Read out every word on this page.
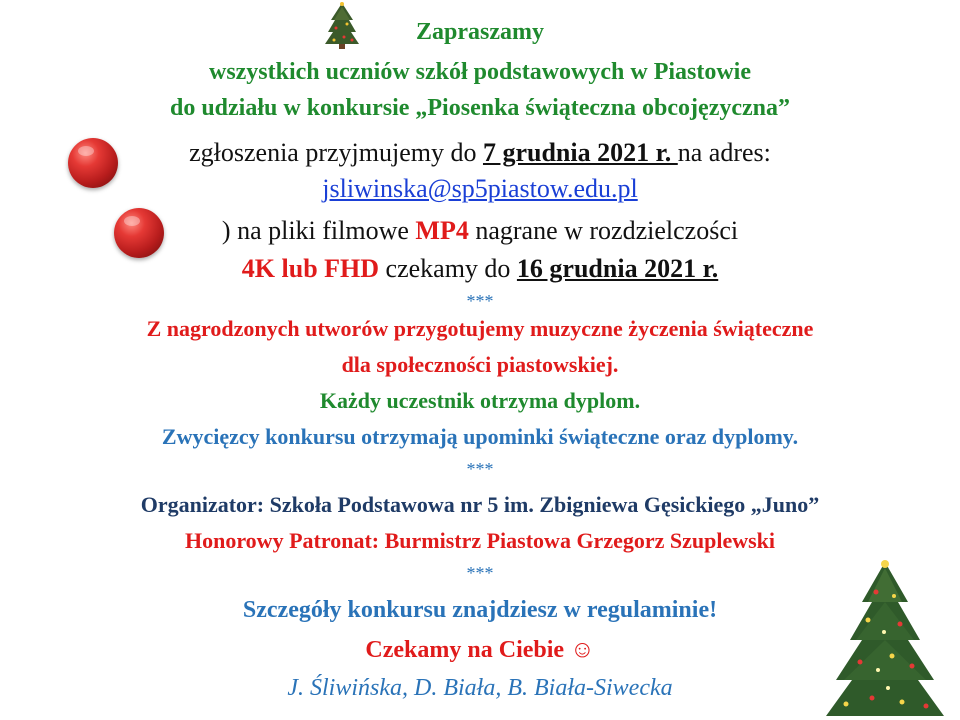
Zapraszamy
wszystkich uczniów szkół podstawowych w Piastowie
do udziału w konkursie „Piosenka świąteczna obcojęzyczna”
zgłoszenia przyjmujemy do 7 grudnia 2021 r. na adres:
jsliwinska@sp5piastow.edu.pl
) na pliki filmowe MP4 nagrane w rozdzielczości
4K lub FHD czekamy do 16 grudnia 2021 r.
***
Z nagrodzonych utworów przygotujemy muzyczne życzenia świąteczne
dla społeczności piastowskiej.
Każdy uczestnik otrzyma dyplom.
Zwycięzcy konkursu otrzymają upominki świąteczne oraz dyplomy.
***
Organizator: Szkoła Podstawowa nr 5 im. Zbigniewa Gęsickiego „Juno”
Honorowy Patronat: Burmistrz Piastowa Grzegorz Szuplewski
***
Szczegóły konkursu znajdziesz w regulaminie!
Czekamy na Ciebie ☺
J. Śliwińska, D. Biała, B. Biała-Siwecka
